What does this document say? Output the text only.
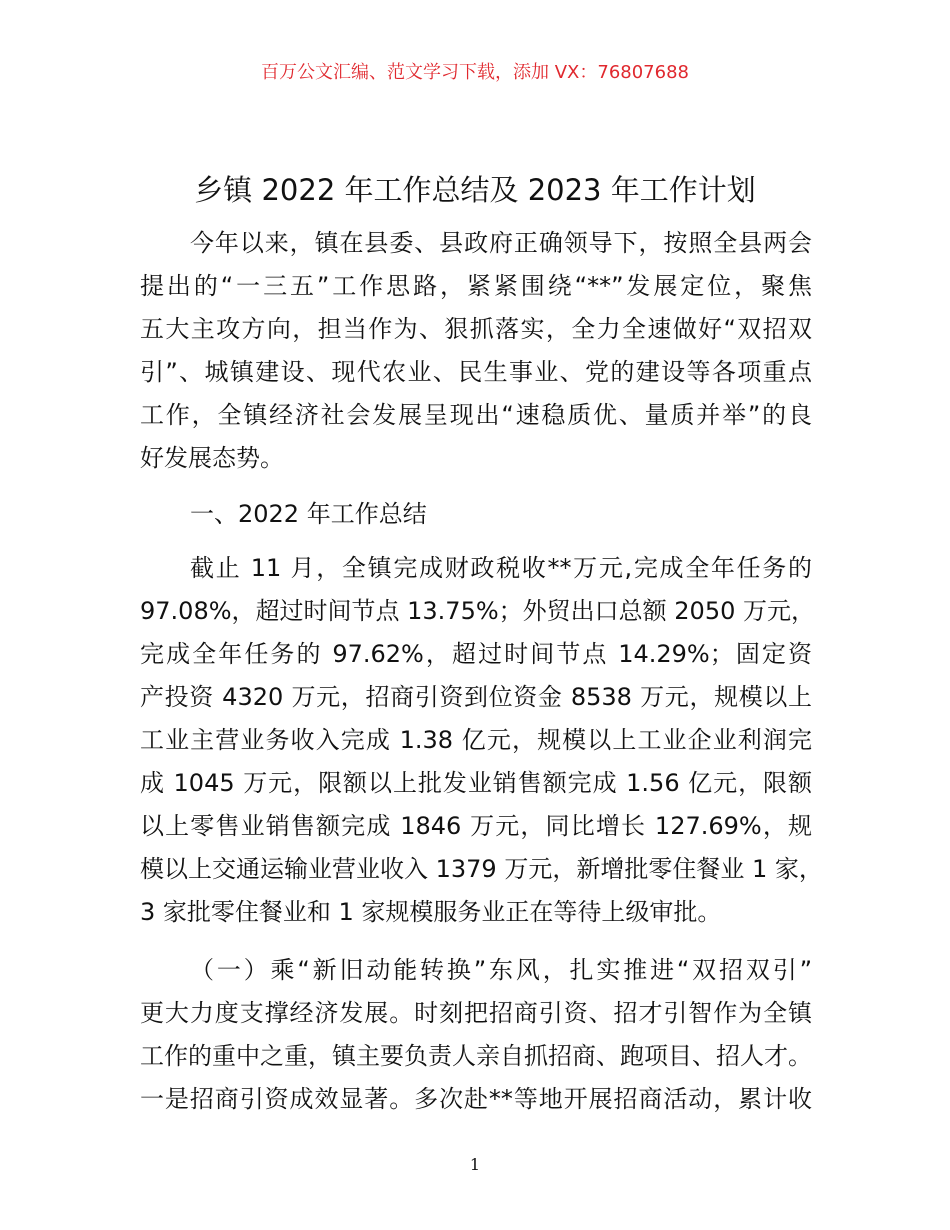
百万公文汇编、范文学习下载，添加 VX：76807688
乡镇 2022 年工作总结及 2023 年工作计划
今年以来，镇在县委、县政府正确领导下，按照全县两会
提出的“一三五”工作思路，紧紧围绕“**”发展定位，聚焦
五大主攻方向，担当作为、狠抓落实，全力全速做好“双招双
引”、城镇建设、现代农业、民生事业、党的建设等各项重点
工作，全镇经济社会发展呈现出“速稳质优、量质并举”的良
好发展态势。
一、2022 年工作总结
截止 11 月，全镇完成财政税收**万元,完成全年任务的
97.08%，超过时间节点 13.75%；外贸出口总额 2050 万元，
完成全年任务的 97.62%，超过时间节点 14.29%；固定资
产投资 4320 万元，招商引资到位资金 8538 万元，规模以上
工业主营业务收入完成 1.38 亿元，规模以上工业企业利润完
成 1045 万元，限额以上批发业销售额完成 1.56 亿元，限额
以上零售业销售额完成 1846 万元，同比增长 127.69%，规
模以上交通运输业营业收入 1379 万元，新增批零住餐业 1 家，
3 家批零住餐业和 1 家规模服务业正在等待上级审批。
（一）乘“新旧动能转换”东风，扎实推进“双招双引”
更大力度支撑经济发展。时刻把招商引资、招才引智作为全镇
工作的重中之重，镇主要负责人亲自抓招商、跑项目、招人才。
一是招商引资成效显著。多次赴**等地开展招商活动，累计收
1
